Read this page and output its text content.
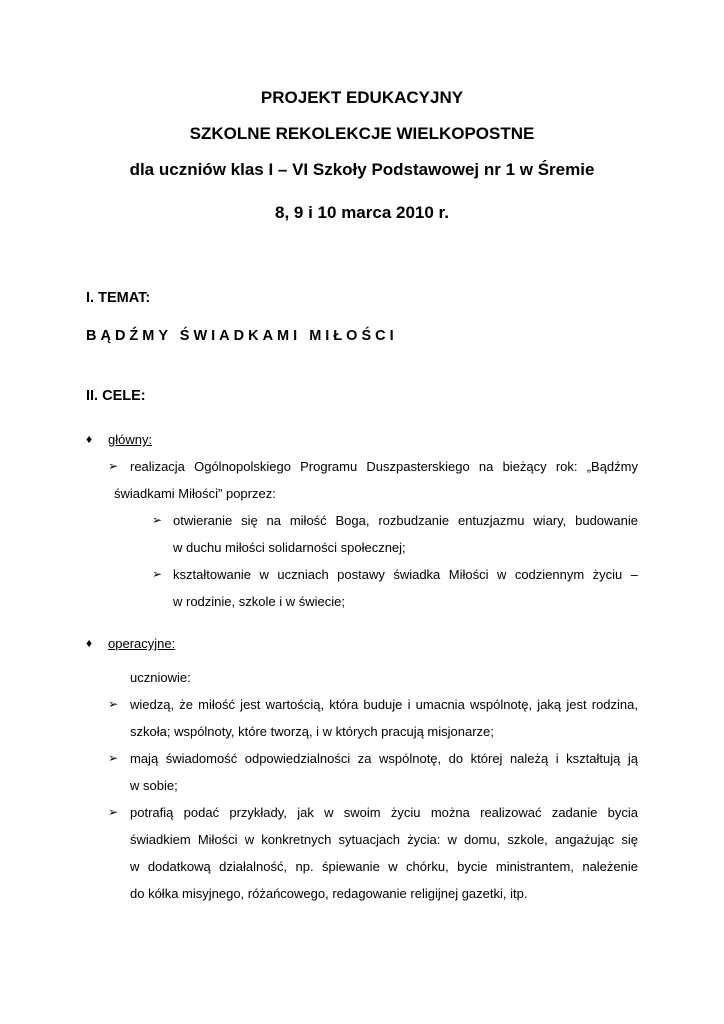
PROJEKT EDUKACYJNY
SZKOLNE REKOLEKCJE WIELKOPOSTNE
dla uczniów klas I – VI Szkoły Podstawowej nr 1 w Śremie
8, 9 i 10 marca 2010 r.
I. TEMAT:
BĄDŹMY ŚWIADKAMI MIŁOŚCI
II. CELE:
♦ główny:
➢ realizacja Ogólnopolskiego Programu Duszpasterskiego na bieżący rok: „Bądźmy
świadkami Miłości” poprzez:
➢ otwieranie się na miłość Boga, rozbudzanie entuzjazmu wiary, budowanie
w duchu miłości solidarności społecznej;
➢ kształtowanie w uczniach postawy świadka Miłości w codziennym życiu –
w rodzinie, szkole i w świecie;
♦ operacyjne:
uczniowie:
➢ wiedzą, że miłość jest wartością, która buduje i umacnia wspólnotę, jaką jest rodzina,
szkoła; wspólnoty, które tworzą, i w których pracują misjonarze;
➢ mają świadomość odpowiedzialności za wspólnotę, do której należą i kształtują ją
w sobie;
➢ potrafią podać przykłady, jak w swoim życiu można realizować zadanie bycia
świadkiem Miłości w konkretnych sytuacjach życia: w domu, szkole, angażując się
w dodatkową działalność, np. śpiewanie w chórku, bycie ministrantem, należenie
do kółka misyjnego, różańcowego, redagowanie religijnej gazetki, itp.
